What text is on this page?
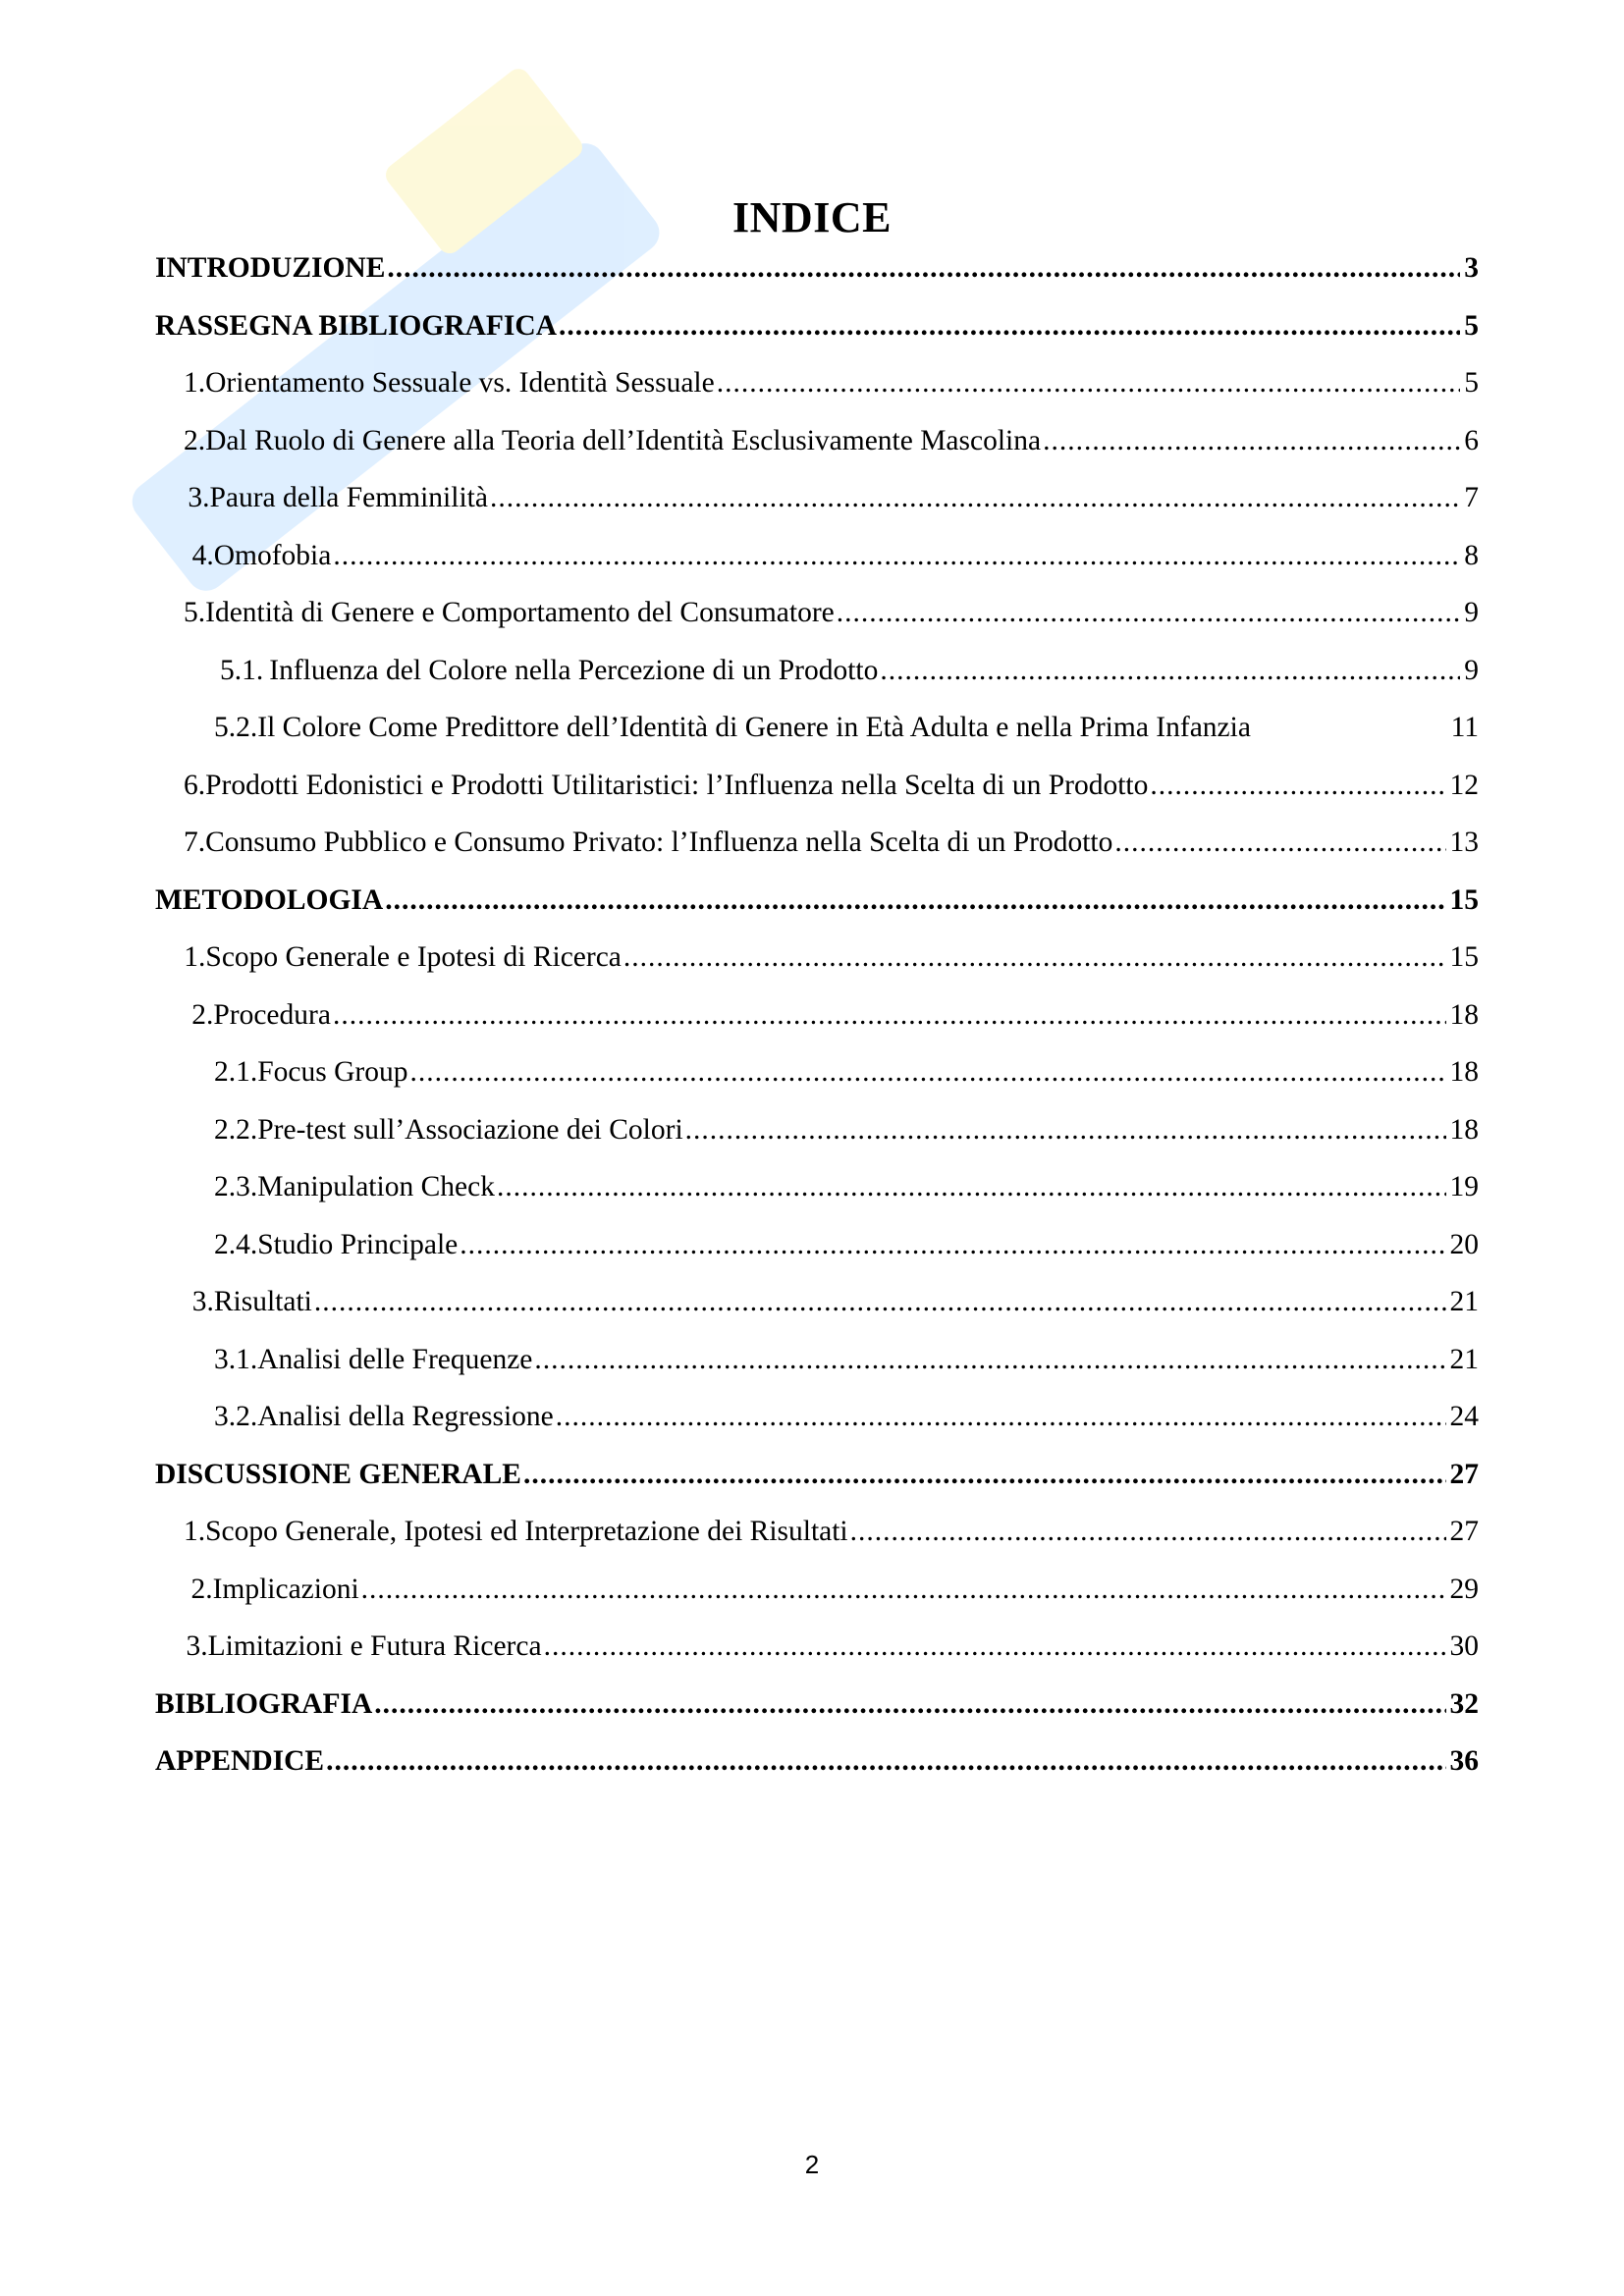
INDICE
INTRODUZIONE .....	3
RASSEGNA BIBLIOGRAFICA .....	5
1. Orientamento Sessuale vs. Identità Sessuale .....	5
2. Dal Ruolo di Genere alla Teoria dell’Identità Esclusivamente Mascolina .....	6
3. Paura della Femminilità .....	7
4. Omofobia .....	8
5. Identità di Genere e Comportamento del Consumatore .....	9
5.1. Influenza del Colore nella Percezione di un Prodotto .....	9
5.2. Il Colore Come Predittore dell’Identità di Genere in Età Adulta e nella Prima Infanzia	11
6. Prodotti Edonistici e Prodotti Utilitaristici: l’Influenza nella Scelta di un Prodotto .....	12
7. Consumo Pubblico e Consumo Privato: l’Influenza nella Scelta di un Prodotto .....	13
METODOLOGIA .....	15
1. Scopo Generale e Ipotesi di Ricerca .....	15
2. Procedura .....	18
2.1. Focus Group .....	18
2.2. Pre-test sull’Associazione dei Colori .....	18
2.3. Manipulation Check .....	19
2.4. Studio Principale .....	20
3. Risultati .....	21
3.1. Analisi delle Frequenze .....	21
3.2. Analisi della Regressione .....	24
DISCUSSIONE GENERALE .....	27
1. Scopo Generale, Ipotesi ed Interpretazione dei Risultati .....	27
2. Implicazioni .....	29
3. Limitazioni e Futura Ricerca .....	30
BIBLIOGRAFIA .....	32
APPENDICE .....	36
2
